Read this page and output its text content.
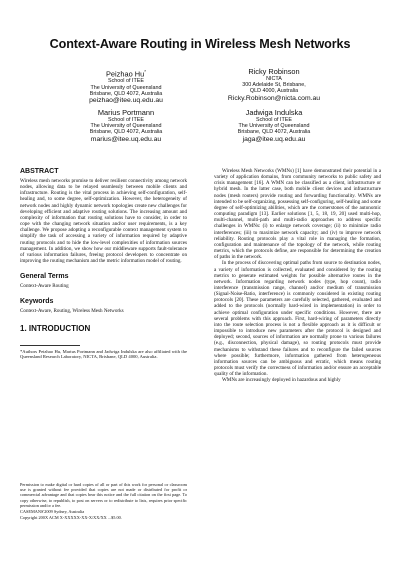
Context-Aware Routing in Wireless Mesh Networks
Peizhao Hu*
School of ITEE
The University of Queensland
Brisbane, QLD 4072, Australia
peizhao@itee.uq.edu.au
Ricky Robinson
NICTA
300 Adelaide St, Brisbane,
QLD 4000, Australia
Ricky.Robinson@nicta.com.au
Marius Portmann
School of ITEE
The University of Queensland
Brisbane, QLD 4072, Australia
marius@itee.uq.edu.au
Jadwiga Indulska
School of ITEE
The University of Queensland
Brisbane, QLD 4072, Australia
jaga@itee.uq.edu.au
ABSTRACT

Wireless mesh networks promise to deliver resilient connectivity among network nodes, allowing data to be relayed seamlessly between mobile clients and infrastructure. Routing is the vital process in achieving self-configuration, self-healing and, to some degree, self-optimization. However, the heterogeneity of network nodes and highly dynamic network topologies create new challenges for developing efficient and adaptive routing solutions. The increasing amount and complexity of information that routing solutions have to consider, in order to cope with the changing network situation and/or user requirements, is a key challenge. We propose adopting a reconfigurable context management system to simplify the task of accessing a variety of information required by adaptive routing protocols and to hide the low-level complexities of information sources management. In addition, we show how our middleware supports fault-tolerance of various information failures, freeing protocol developers to concentrate on improving the routing mechanism and the metric information model of routing.

General Terms

Context-Aware Routing

Keywords

Context-Aware, Routing, Wireless Mesh Networks

1. INTRODUCTION

*Authors Peizhao Hu, Marius Portmann and Jadwiga Indulska are also affiliated with the Queensland Research Laboratory, NICTA, Brisbane, QLD 4000, Australia.

Permission to make digital or hard copies of all or part of this work for personal or classroom use is granted without fee provided that copies are not made or distributed for profit or commercial advantage and that copies bear this notice and the full citation on the first page. To copy otherwise, to republish, to post on servers or to redistribute to lists, requires prior specific permission and/or a fee.

CASEMANS'2009 Sydney, Australia

Copyright 200X ACM X-XXXXX-XX-X/XX/XX ...$5.00.

Wireless Mesh Networks (WMNs) [1] have demonstrated their potential in a variety of application domains, from community networks to public safety and crisis management [16]. A WMN can be classified as a client, infrastructure or hybrid mesh. In the latter case, both mobile client devices and infrastructure nodes (mesh routers) provide routing and forwarding functionality. WMNs are intended to be self-organizing, possessing self-configuring, self-healing and some degree of self-optimizing abilities, which are the cornerstones of the autonomic computing paradigm [13]. Earlier solutions [1, 5, 18, 19, 20] used multi-hop, multi-channel, multi-path and multi-radio approaches to address specific challenges in WMNs: (i) to enlarge network coverage; (ii) to minimize radio interferences; (iii) to maximize network capacity; and (iv) to improve network reliability. Routing protocols play a vital role in managing the formation, configuration and maintenance of the topology of the network, while routing metrics, which the protocols define, are responsible for determining the creation of paths in the network.

In the process of discovering optimal paths from source to destination nodes, a variety of information is collected, evaluated and considered by the routing metrics to generate estimated weights for possible alternative routes in the network. Information regarding network nodes (type, hop count), radio interference (transmission range, channel) and/or medium of transmission (Signal-Noise-Ratio, interference) is commonly considered in existing routing protocols [20]. These parameters are carefully selected, gathered, evaluated and added to the protocols (normally hard-wired in implementation) in order to achieve optimal configuration under specific conditions. However, there are several problems with this approach. First, hard-wiring of parameters directly into the route selection process is not a flexible approach as it is difficult or impossible to introduce new parameters after the protocol is designed and deployed; second, sources of information are normally prone to various failures (e.g., disconnection, physical damage), so routing protocols must provide mechanisms to withstand these failures and to reconfigure the failed sources where possible; furthermore, information gathered from heterogeneous information sources can be ambiguous and erratic, which means routing protocols must verify the correctness of information and/or ensure an acceptable quality of the information.

WMNs are increasingly deployed in hazardous and highly
